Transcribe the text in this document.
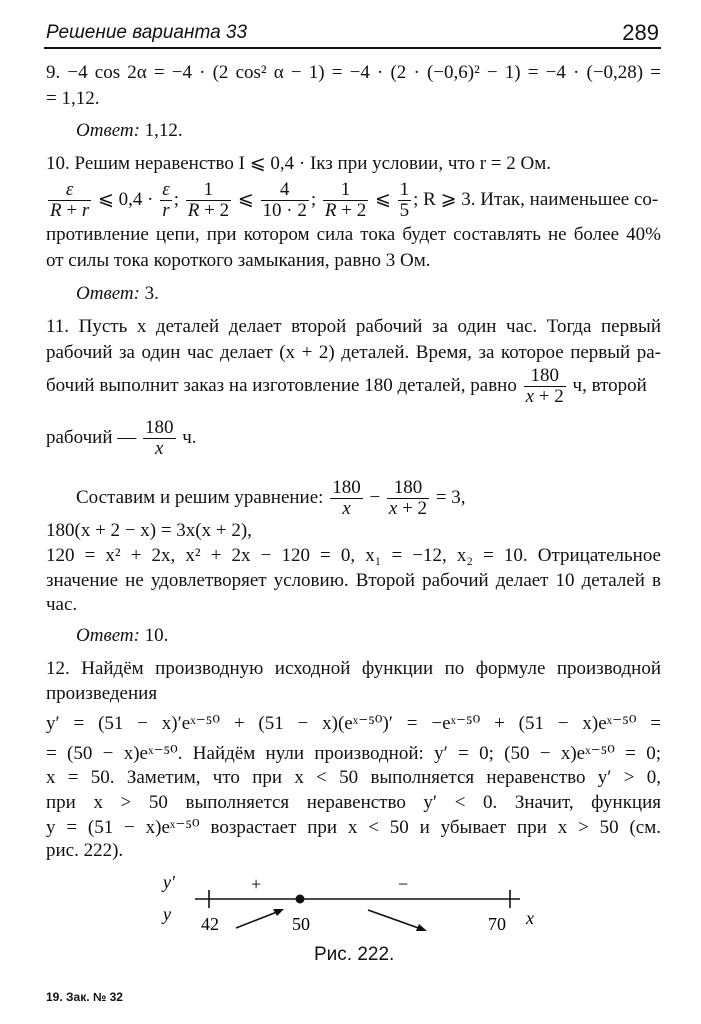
Решение варианта 33	289
9. −4 cos 2α = −4 · (2 cos² α − 1) = −4 · (2 · (−0,6)² − 1) = −4 · (−0,28) =
= 1,12.
Ответ: 1,12.
10. Решим неравенство I ⩽ 0,4 · Iкз при условии, что r = 2 Ом.
$\frac{\varepsilon}{R + r}$ ⩽ $0,4 \cdot \frac{\varepsilon}{r}$ ; $\frac{1}{R + 2}$ ⩽ $\frac{4}{10 \cdot 2}$ ; $\frac{1}{R + 2}$ ⩽ $\frac{1}{5}$ ; R ⩾ 3. Итак, наименьшее со-
противление цепи, при котором сила тока будет составлять не более 40%
от силы тока короткого замыкания, равно 3 Ом.
Ответ: 3.
11. Пусть x деталей делает второй рабочий за один час. Тогда первый
рабочий за один час делает (x + 2) деталей. Время, за которое первый ра-
бочий выполнит заказ на изготовление 180 деталей, равно $\frac{180}{x + 2} ч$, второй
рабочий — $\frac{180}{x} ч$.
Составим и решим уравнение: $\frac{180}{x} - \frac{180}{x + 2} = 3$,
180(x + 2 − x) = 3x(x + 2),
120 = x² + 2x, x² + 2x − 120 = 0, x₁ = −12, x₂ = 10. Отрицательное
значение не удовлетворяет условию. Второй рабочий делает 10 деталей в
час.
Ответ: 10.
12. Найдём производную исходной функции по формуле производной
произведения
y′ = (51 − x)′eˣ⁻⁵⁰ + (51 − x)(eˣ⁻⁵⁰)′ = −eˣ⁻⁵⁰ + (51 − x)eˣ⁻⁵⁰ =
= (50 − x)eˣ⁻⁵⁰. Найдём нули производной: y′ = 0; (50 − x)eˣ⁻⁵⁰ = 0;
x = 50. Заметим, что при x < 50 выполняется неравенство y′ > 0,
при x > 50 выполняется неравенство y′ < 0. Значит, функция
y = (51 − x)eˣ⁻⁵⁰ возрастает при x < 50 и убывает при x > 50 (см.
рис. 222).
y′
y
+	−
42	50	70 x
Рис. 222.
19. Зак. № 32
